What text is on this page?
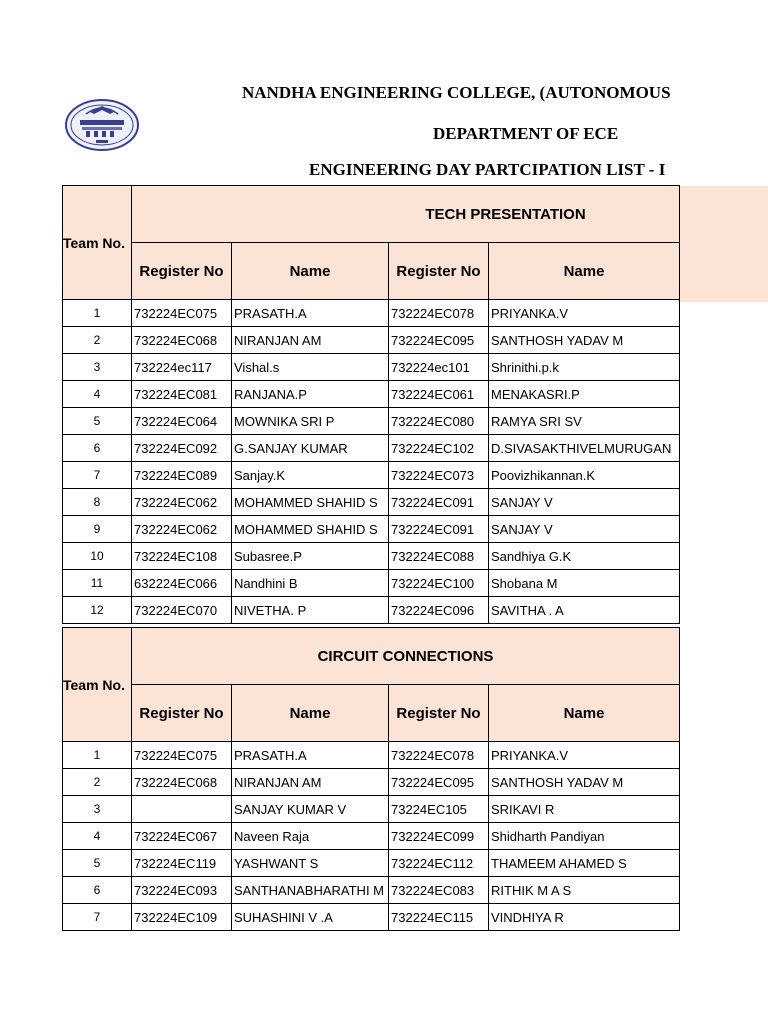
NANDHA ENGINEERING COLLEGE, (AUTONOMOUS
DEPARTMENT OF ECE
ENGINEERING DAY PARTCIPATION LIST - I
Team No.	TECH PRESENTATION			
	Register No	Name	Register No	Name
1	732224EC075	PRASATH.A	732224EC078	PRIYANKA.V
2	732224EC068	NIRANJAN AM	732224EC095	SANTHOSH YADAV M
3	732224ec117	Vishal.s	732224ec101	Shrinithi.p.k
4	732224EC081	RANJANA.P	732224EC061	MENAKASRI.P
5	732224EC064	MOWNIKA SRI P	732224EC080	RAMYA SRI SV
6	732224EC092	G.SANJAY KUMAR	732224EC102	D.SIVASAKTHIVELMURUGAN
7	732224EC089	Sanjay.K	732224EC073	Poovizhikannan.K
8	732224EC062	MOHAMMED SHAHID S	732224EC091	SANJAY V
9	732224EC062	MOHAMMED SHAHID S	732224EC091	SANJAY V
10	732224EC108	Subasree.P	732224EC088	Sandhiya G.K
11	632224EC066	Nandhini B	732224EC100	Shobana M
12	732224EC070	NIVETHA. P	732224EC096	SAVITHA . A
Team No.	CIRCUIT CONNECTIONS			
	Register No	Name	Register No	Name
1	732224EC075	PRASATH.A	732224EC078	PRIYANKA.V
2	732224EC068	NIRANJAN AM	732224EC095	SANTHOSH YADAV M
3		SANJAY KUMAR V	73224EC105	SRIKAVI R
4	732224EC067	Naveen Raja	732224EC099	Shidharth Pandiyan
5	732224EC119	YASHWANT S	732224EC112	THAMEEM AHAMED S
6	732224EC093	SANTHANABHARATHI M	732224EC083	RITHIK M A S
7	732224EC109	SUHASHINI V .A	732224EC115	VINDHIYA R
